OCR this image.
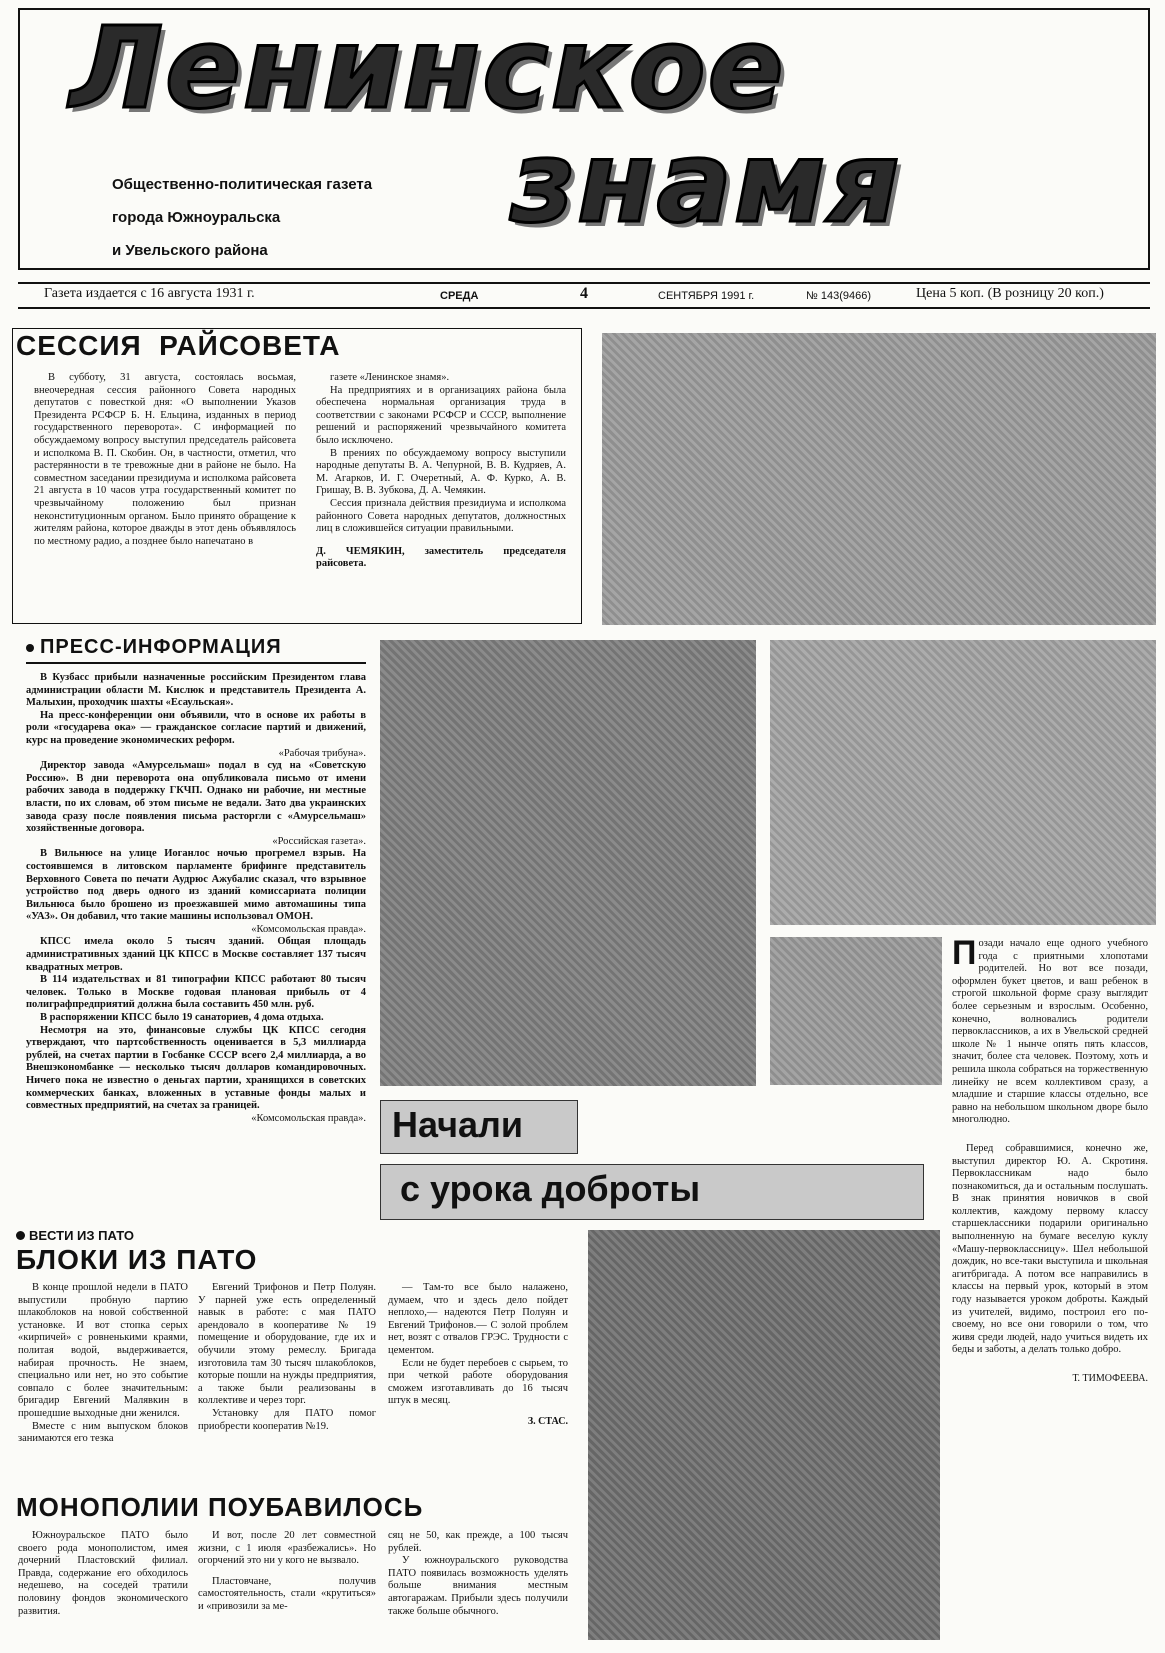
Ленинское
знамя
Общественно-политическая газета
города Южноуральска
и Увельского района
Газета издается с 16 августа 1931 г.	СРЕДА	4	СЕНТЯБРЯ 1991 г.	№ 143(9466)	Цена 5 коп. (В розницу 20 коп.)
СЕССИЯ  РАЙСОВЕТА

В субботу, 31 августа, состоялась восьмая, внеочередная сессия районного Совета народных депутатов с повесткой дня: «О выполнении Указов Президента РСФСР Б. Н. Ельцина, изданных в период государственного переворота». С информацией по обсуждаемому вопросу выступил председатель райсовета и исполкома В. П. Скобин. Он, в частности, отметил, что растерянности в те тревожные дни в районе не было. На совместном заседании президиума и исполкома райсовета 21 августа в 10 часов утра государственный комитет по чрезвычайному положению был признан неконституционным органом. Было принято обращение к жителям района, которое дважды в этот день объявлялось по местному радио, а позднее было напечатано в

газете «Ленинское знамя».

На предприятиях и в организациях района была обеспечена нормальная организация труда в соответствии с законами РСФСР и СССР, выполнение решений и распоряжений чрезвычайного комитета было исключено.

В прениях по обсуждаемому вопросу выступили народные депутаты В. А. Чепурной, В. В. Кудряев, А. М. Агарков, И. Г. Очеретный, А. Ф. Курко, А. В. Гришау, В. В. Зубкова, Д. А. Чемякин.

Сессия признала действия президиума и исполкома районного Совета народных депутатов, должностных лиц в сложившейся ситуации правильными.

Д. ЧЕМЯКИН, заместитель председателя райсовета.

ПРЕСС-ИНФОРМАЦИЯ

В Кузбасс прибыли назначенные российским Президентом глава администрации области М. Кислюк и представитель Президента А. Малыхин, проходчик шахты «Есаульская».

На пресс-конференции они объявили, что в основе их работы в роли «государева ока» — гражданское согласие партий и движений, курс на проведение экономических реформ.

«Рабочая трибуна».

Директор завода «Амурсельмаш» подал в суд на «Советскую Россию». В дни переворота она опубликовала письмо от имени рабочих завода в поддержку ГКЧП. Однако ни рабочие, ни местные власти, по их словам, об этом письме не ведали. Зато два украинских завода сразу после появления письма расторгли с «Амурсельмаш» хозяйственные договора.

«Российская газета».

В Вильнюсе на улице Иоганлос ночью прогремел взрыв. На состоявшемся в литовском парламенте брифинге представитель Верховного Совета по печати Аудрюс Ажубалис сказал, что взрывное устройство под дверь одного из зданий комиссариата полиции Вильнюса было брошено из проезжавшей мимо автомашины типа «УАЗ». Он добавил, что такие машины использовал ОМОН.

«Комсомольская правда».

КПСС имела около 5 тысяч зданий. Общая площадь административных зданий ЦК КПСС в Москве составляет 137 тысяч квадратных метров.

В 114 издательствах и 81 типографии КПСС работают 80 тысяч человек. Только в Москве годовая плановая прибыль от 4 полиграфпредприятий должна была составить 450 млн. руб.

В распоряжении КПСС было 19 санаториев, 4 дома отдыха.

Несмотря на это, финансовые службы ЦК КПСС сегодня утверждают, что партсобственность оценивается в 5,3 миллиарда рублей, на счетах партии в Госбанке СССР всего 2,4 миллиарда, а во Внешэкономбанке — несколько тысяч долларов командировочных. Ничего пока не известно о деньгах партии, хранящихся в советских коммерческих банках, вложенных в уставные фонды малых и совместных предприятий, на счетах за границей.

«Комсомольская правда». Начали
с урока доброты

Позади начало еще одного учебного года с приятными хлопотами родителей. Но вот все позади, оформлен букет цветов, и ваш ребенок в строгой школьной форме сразу выглядит более серьезным и взрослым. Особенно, конечно, волновались родители первоклассников, а их в Увельской средней школе № 1 нынче опять пять классов, значит, более ста человек. Поэтому, хоть и решила школа собраться на торжественную линейку не всем коллективом сразу, а младшие и старшие классы отдельно, все равно на небольшом школьном дворе было многолюдно.

Перед собравшимися, конечно же, выступил директор Ю. А. Скротиня. Первоклассникам надо было познакомиться, да и остальным послушать. В знак принятия новичков в свой коллектив, каждому первому классу старшеклассники подарили оригинально выполненную на бумаге веселую куклу «Машу-первоклассницу». Шел небольшой дождик, но все-таки выступила и школьная агитбригада. А потом все направились в классы на первый урок, который в этом году называется уроком доброты. Каждый из учителей, видимо, построил его по-своему, но все они говорили о том, что живя среди людей, надо учиться видеть их беды и заботы, а делать только добро.

Т. ТИМОФЕЕВА.
ВЕСТИ ИЗ ПАТО
БЛОКИ ИЗ ПАТО

В конце прошлой недели в ПАТО выпустили пробную партию шлакоблоков на новой собственной установке. И вот стопка серых «кирпичей» с ровненькими краями, политая водой, выдерживается, набирая прочность. Не знаем, специально или нет, но это событие совпало с более значительным: бригадир Евгений Малявкин в прошедшие выходные дни женился.

Вместе с ним выпуском блоков занимаются его тезка

Евгений Трифонов и Петр Полуян. У парней уже есть определенный навык в работе: с мая ПАТО арендовало в кооперативе № 19 помещение и оборудование, где их и обучили этому ремеслу. Бригада изготовила там 30 тысяч шлакоблоков, которые пошли на нужды предприятия, а также были реализованы в коллективе и через торг.

Установку для ПАТО помог приобрести кооператив №19.

— Там-то все было налажено, думаем, что и здесь дело пойдет неплохо,— надеются Петр Полуян и Евгений Трифонов.— С золой проблем нет, возят с отвалов ГРЭС. Трудности с цементом.

Если не будет перебоев с сырьем, то при четкой работе оборудования сможем изготавливать до 16 тысяч штук в месяц.

З. СТАС.
МОНОПОЛИИ ПОУБАВИЛОСЬ

Южноуральское ПАТО было своего рода монополистом, имея дочерний Пластовский филиал. Правда, содержание его обходилось недешево, на соседей тратили половину фондов экономического развития.

И вот, после 20 лет совместной жизни, с 1 июля «разбежались». Но огорчений это ни у кого не вызвало.

Пластовчане, получив самостоятельность, стали «крутиться» и «привозили за ме-

сяц не 50, как прежде, а 100 тысяч рублей.

У южноуральского руководства ПАТО появилась возможность уделять больше внимания местным автогаражам. Прибыли здесь получили также больше обычного.
